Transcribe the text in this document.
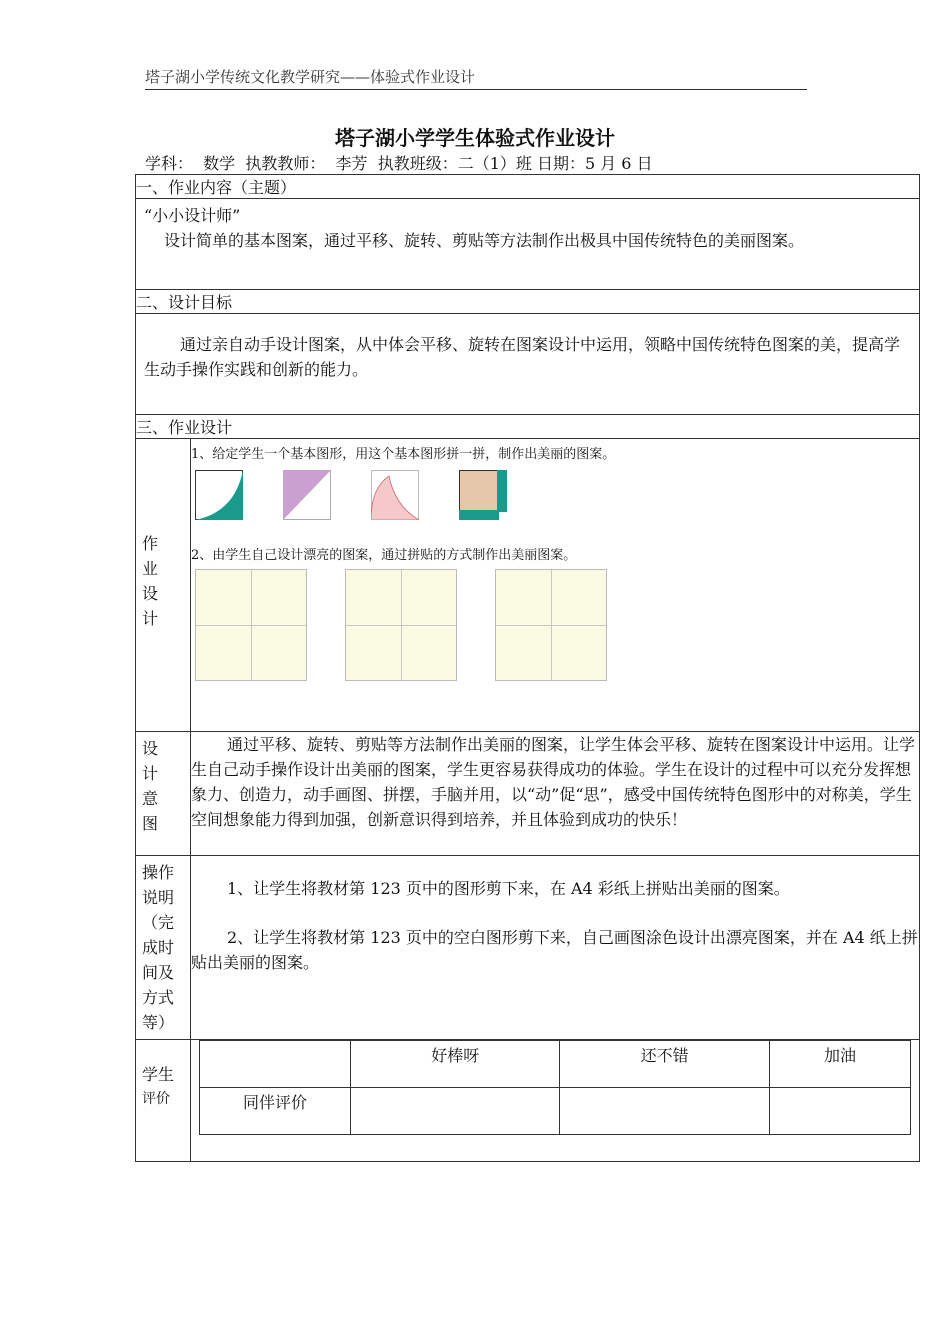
塔子湖小学传统文化教学研究——体验式作业设计
塔子湖小学学生体验式作业设计
学科：  数学  执教教师：  李芳  执教班级：二（1）班 日期：5 月 6 日
一、作业内容（主题）

“小小设计师”

设计简单的基本图案，通过平移、旋转、剪贴等方法制作出极具中国传统特色的美丽图案。

二、设计目标

通过亲自动手设计图案，从中体会平移、旋转在图案设计中运用，领略中国传统特色图案的美，提高学生动手操作实践和创新的能力。

三、作业设计

作业设计

1、给定学生一个基本图形，用这个基本图形拼一拼，制作出美丽的图案。
2、由学生自己设计漂亮的图案，通过拼贴的方式制作出美丽图案。

设计意图

通过平移、旋转、剪贴等方法制作出美丽的图案，让学生体会平移、旋转在图案设计中运用。让学生自己动手操作设计出美丽的图案，学生更容易获得成功的体验。学生在设计的过程中可以充分发挥想象力、创造力，动手画图、拼摆，手脑并用，以“动”促“思”，感受中国传统特色图形中的对称美，学生空间想象能力得到加强，创新意识得到培养，并且体验到成功的快乐！

操作说明（完成时间及方式等）

1、让学生将教材第 123 页中的图形剪下来，在 A4 彩纸上拼贴出美丽的图案。

2、让学生将教材第 123 页中的空白图形剪下来，自己画图涂色设计出漂亮图案，并在 A4 纸上拼贴出美丽的图案。

学生
评价

	好棒呀	还不错	加油
同伴评价			
